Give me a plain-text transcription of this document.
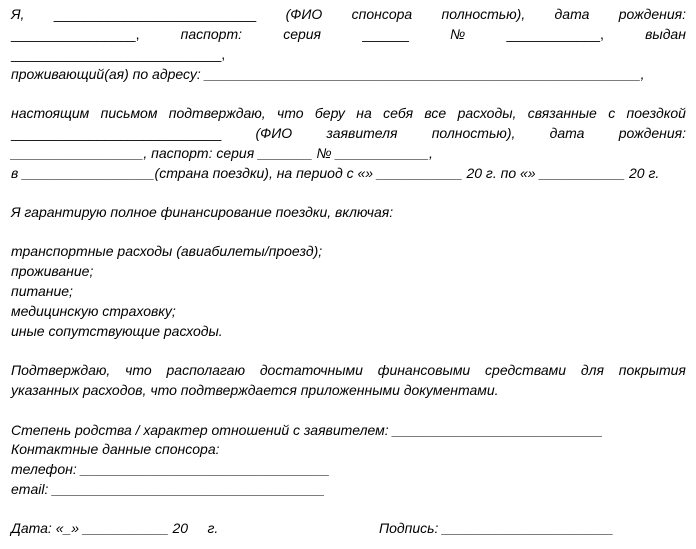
Я, __________________________ (ФИО спонсора полностью), дата рождения:
________________,	паспорт:	серия	______	№	____________,	выдан
___________________________,
проживающий(ая) по адресу: ________________________________________________________,
настоящим письмом подтверждаю, что беру на себя все расходы, связанные с поездкой
___________________________ (ФИО заявителя полностью), дата рождения:
_________________, паспорт: серия _______ № ____________,
в _________________(страна поездки), на период с «» ___________ 20 г. по «» ___________ 20 г.
Я гарантирую полное финансирование поездки, включая:
транспортные расходы (авиабилеты/проезд);
проживание;
питание;
медицинскую страховку;
иные сопутствующие расходы.
Подтверждаю, что располагаю достаточными финансовыми средствами для покрытия
указанных расходов, что подтверждается приложенными документами.
Степень родства / характер отношений с заявителем: ___________________________
Контактные данные спонсора:
телефон: ________________________________
email: ___________________________________
Дата: «_» ___________ 20     г.	Подпись: ______________________
